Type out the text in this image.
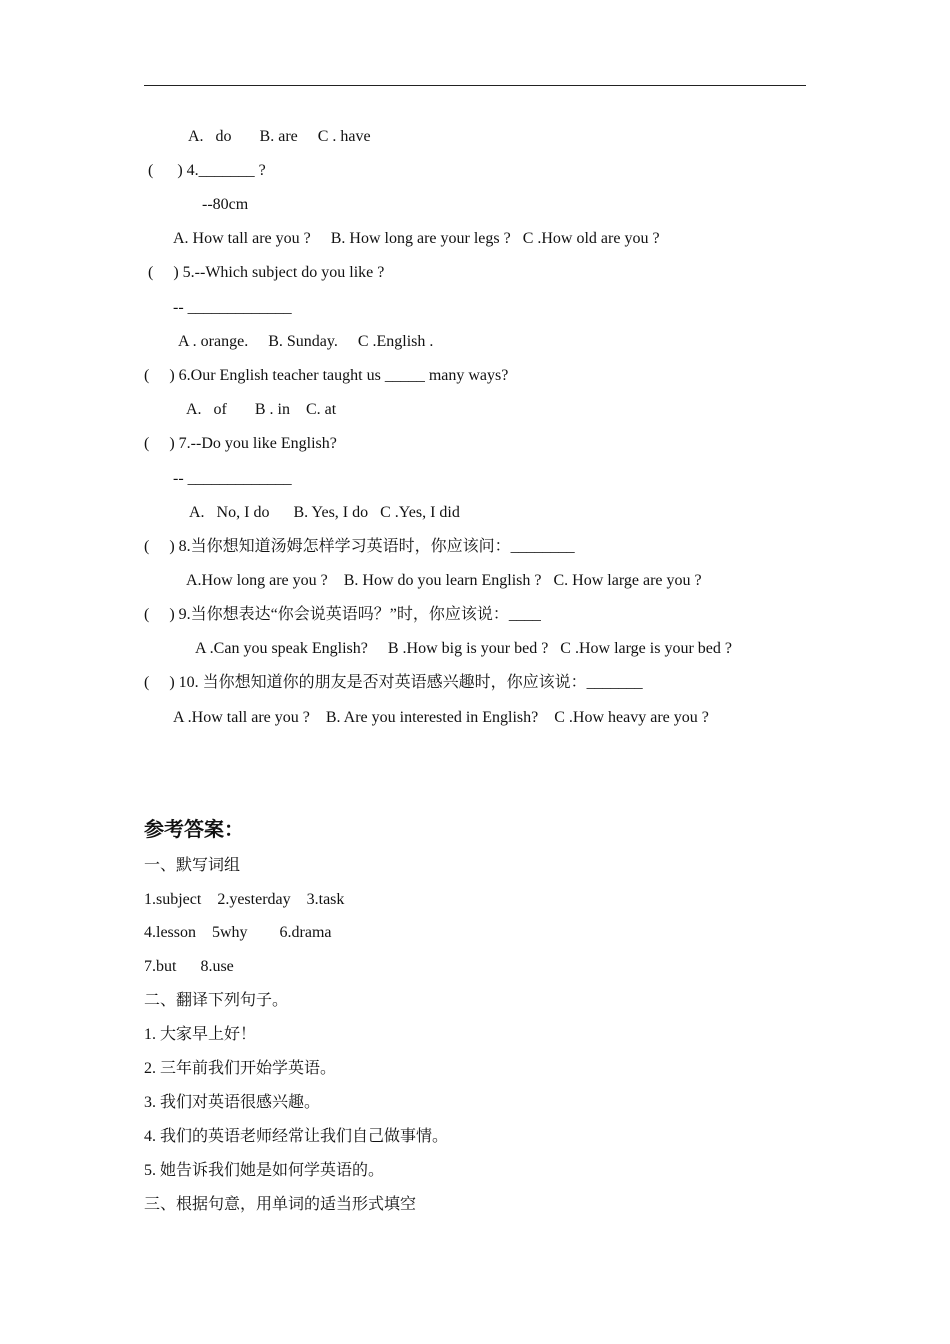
A.   do       B. are     C . have
(      ) 4._______ ?
--80cm
A. How tall are you ?     B. How long are your legs ?   C .How old are you ?
(     ) 5.--Which subject do you like ?
-- _____________
A . orange.     B. Sunday.     C .English .
(     ) 6.Our English teacher taught us _____ many ways?
A.   of       B . in    C. at
(     ) 7.--Do you like English?
-- _____________
A.   No, I do      B. Yes, I do   C .Yes, I did
(     ) 8.当你想知道汤姆怎样学习英语时，你应该问：________
A.How long are you ?    B. How do you learn English ?   C. How large are you ?
(     ) 9.当你想表达“你会说英语吗？”时，你应该说：____
A .Can you speak English?     B .How big is your bed ?   C .How large is your bed ?
(     ) 10. 当你想知道你的朋友是否对英语感兴趣时，你应该说：_______
A .How tall are you ?    B. Are you interested in English?    C .How heavy are you ?
参考答案：
一、默写词组
1.subject    2.yesterday    3.task
4.lesson    5why        6.drama
7.but      8.use
二、翻译下列句子。
1. 大家早上好！
2. 三年前我们开始学英语。
3. 我们对英语很感兴趣。
4. 我们的英语老师经常让我们自己做事情。
5. 她告诉我们她是如何学英语的。
三、根据句意，用单词的适当形式填空
